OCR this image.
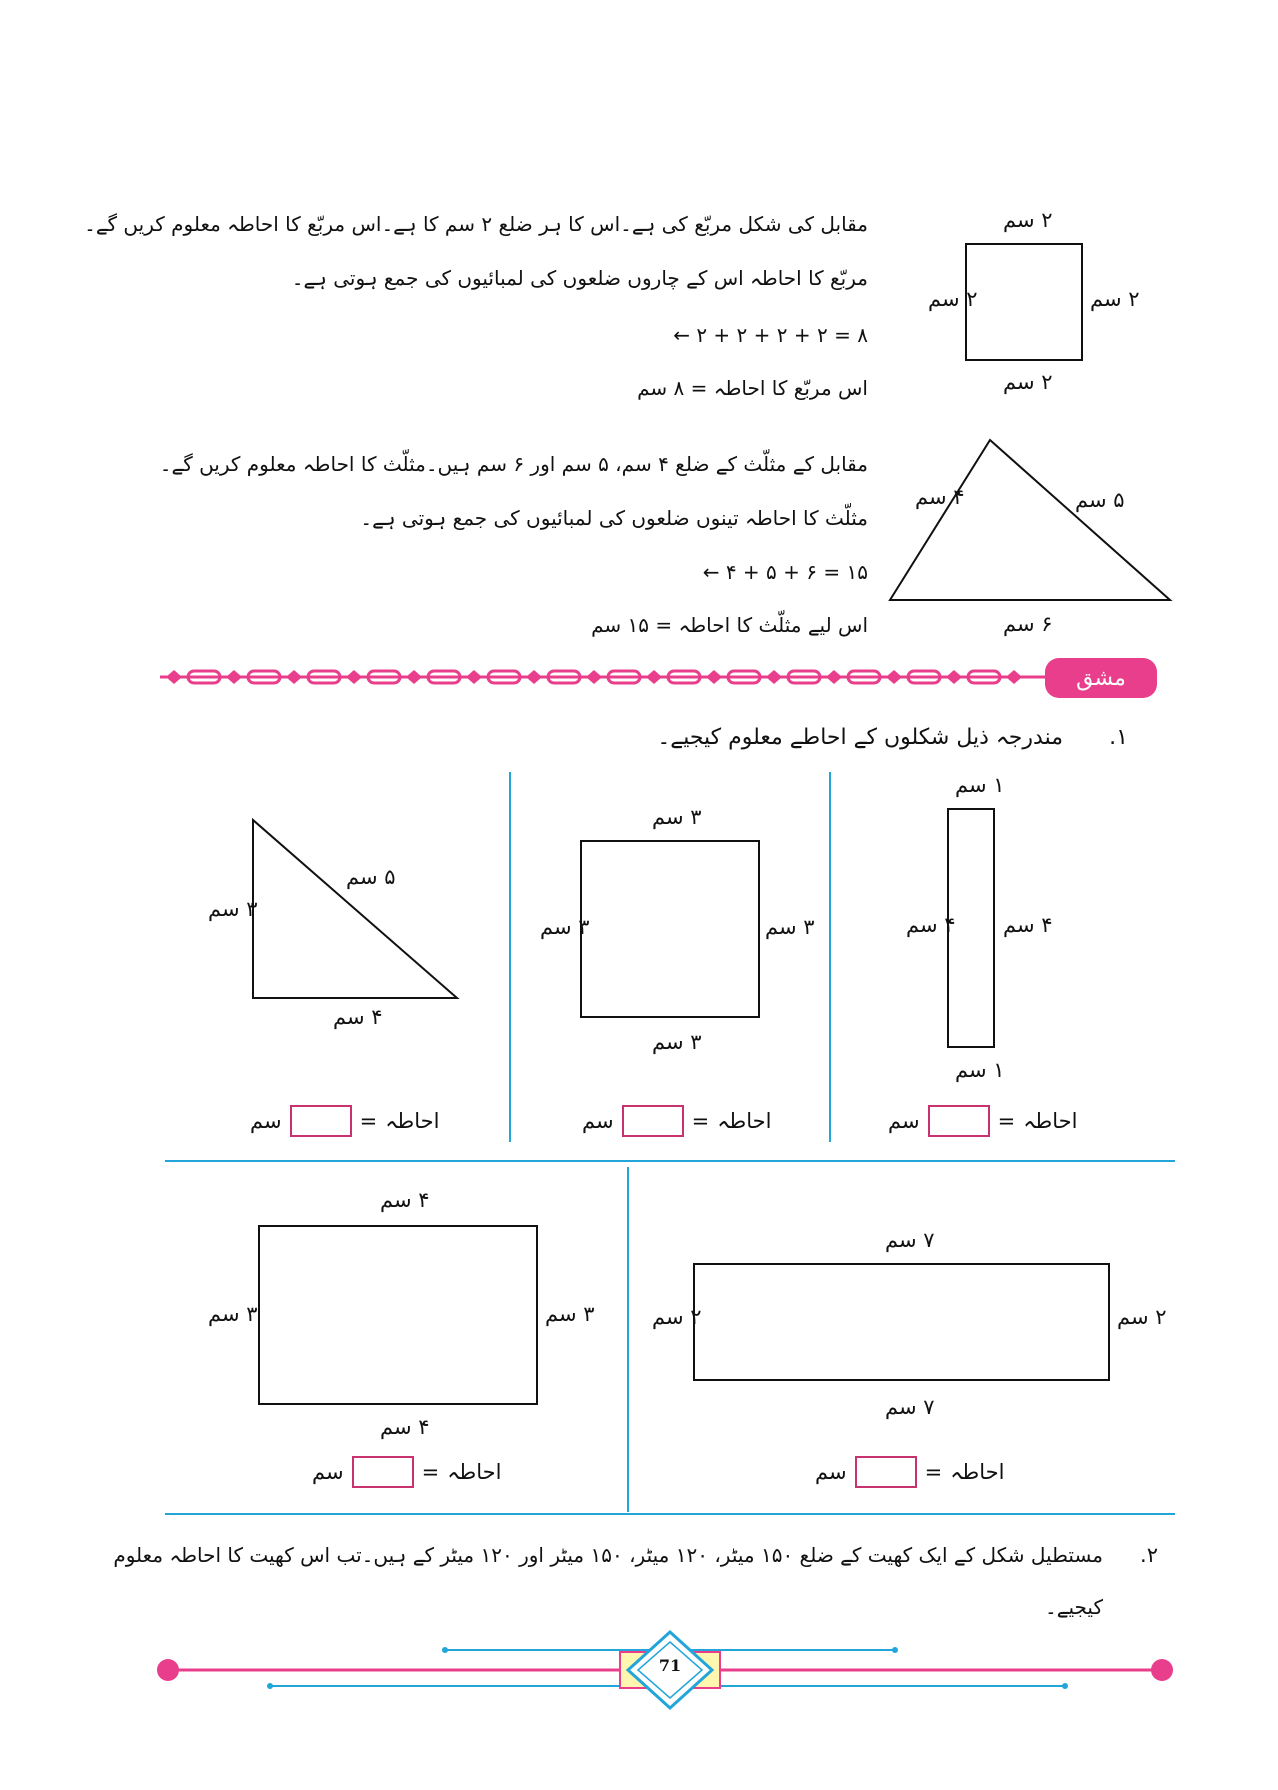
مقابل کی شکل مربّع کی ہے۔اس کا ہر ضلع ۲ سم کا ہے۔اس مربّع کا احاطہ معلوم کریں گے۔
مربّع کا احاطہ اس کے چاروں ضلعوں کی لمبائیوں کی جمع ہوتی ہے۔
۸ = ۲ + ۲ + ۲ + ۲ ←
اس مربّع کا احاطہ = ۸ سم
۲ سم
۲ سم	۲ سم
۲ سم
مقابل کے مثلّث کے ضلع ۴ سم، ۵ سم اور ۶ سم ہیں۔مثلّث کا احاطہ معلوم کریں گے۔
مثلّث کا احاطہ تینوں ضلعوں کی لمبائیوں کی جمع ہوتی ہے۔
۱۵ = ۶ + ۵ + ۴ ←
اس لیے مثلّث کا احاطہ = ۱۵ سم
۴ سم	۵ سم
۶ سم
مشق
۱.
مندرجہ ذیل شکلوں کے احاطے معلوم کیجیے۔
۱ سم
۱ سم
۴ سم ۴ سم
احاطہ
=
سم
۳ سم
۳ سم
۳ سم	۳ سم
احاطہ
=
سم
۳ سم
۵ سم
۴ سم
احاطہ
=
سم
۷ سم
۷ سم
۲ سم	۲ سم
احاطہ
=
سم
۴ سم
۴ سم
۳ سم	۳ سم
احاطہ
=
سم
۲.
مستطیل شکل کے ایک کھیت کے ضلع ۱۵۰ میٹر، ۱۲۰ میٹر، ۱۵۰ میٹر اور ۱۲۰ میٹر کے ہیں۔تب اس کھیت کا احاطہ معلوم
کیجیے۔
71
